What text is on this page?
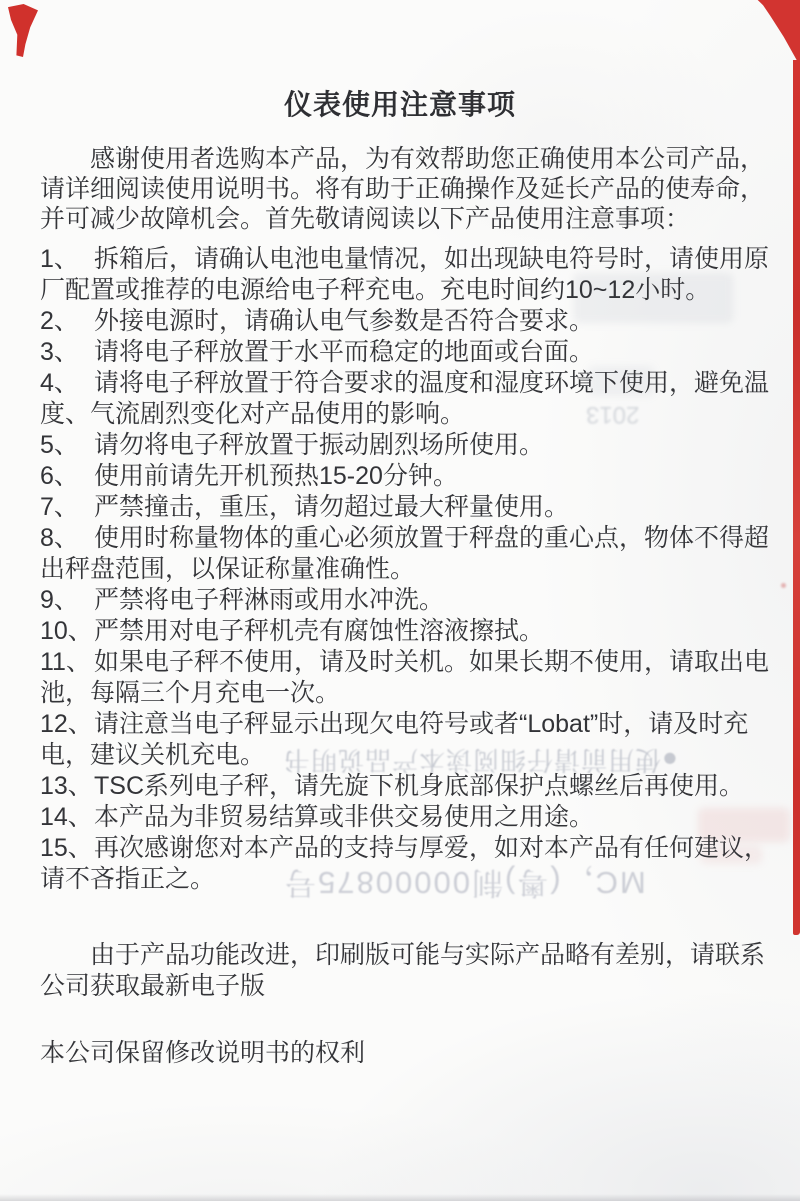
2013
●使用前请仔细阅读本产品说明书
MC，(粤)制00000875号
仪表使用注意事项

感谢使用者选购本产品，为有效帮助您正确使用本公司产品，请详细阅读使用说明书。将有助于正确操作及延长产品的使寿命，并可减少故障机会。首先敬请阅读以下产品使用注意事项：

1、 拆箱后，请确认电池电量情况，如出现缺电符号时，请使用原厂配置或推荐的电源给电子秤充电。充电时间约10~12小时。

2、 外接电源时，请确认电气参数是否符合要求。

3、 请将电子秤放置于水平而稳定的地面或台面。

4、 请将电子秤放置于符合要求的温度和湿度环境下使用，避免温度、气流剧烈变化对产品使用的影响。

5、 请勿将电子秤放置于振动剧烈场所使用。

6、 使用前请先开机预热15-20分钟。

7、 严禁撞击，重压，请勿超过最大秤量使用。

8、 使用时称量物体的重心必须放置于秤盘的重心点，物体不得超出秤盘范围，以保证称量准确性。

9、 严禁将电子秤淋雨或用水冲洗。

10、严禁用对电子秤机壳有腐蚀性溶液擦拭。

11、 如果电子秤不使用，请及时关机。如果长期不使用，请取出电池，每隔三个月充电一次。

12、请注意当电子秤显示出现欠电符号或者“Lobat”时，请及时充电，建议关机充电。

13、TSC系列电子秤，请先旋下机身底部保护点螺丝后再使用。

14、本产品为非贸易结算或非供交易使用之用途。

15、再次感谢您对本产品的支持与厚爱，如对本产品有任何建议，请不吝指正之。

由于产品功能改进，印刷版可能与实际产品略有差别，请联系公司获取最新电子版

本公司保留修改说明书的权利
